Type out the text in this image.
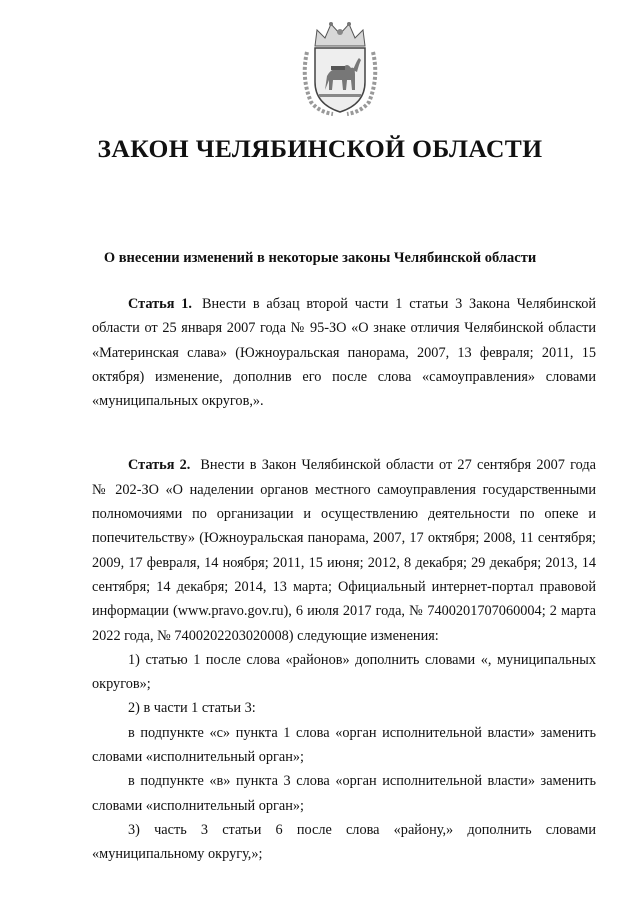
ЗАКОН ЧЕЛЯБИНСКОЙ ОБЛАСТИ
О внесении изменений в некоторые законы Челябинской области

Статья 1. Внести в абзац второй части 1 статьи 3 Закона Челябинской области от 25 января 2007 года № 95-ЗО «О знаке отличия Челябинской области «Материнская слава» (Южноуральская панорама, 2007, 13 февраля; 2011, 15 октября) изменение, дополнив его после слова «самоуправления» словами «муниципальных округов,».

Статья 2. Внести в Закон Челябинской области от 27 сентября 2007 года № 202-ЗО «О наделении органов местного самоуправления государственными полномочиями по организации и осуществлению деятельности по опеке и попечительству» (Южноуральская панорама, 2007, 17 октября; 2008, 11 сентября; 2009, 17 февраля, 14 ноября; 2011, 15 июня; 2012, 8 декабря; 29 декабря; 2013, 14 сентября; 14 декабря; 2014, 13 марта; Официальный интернет-портал правовой информации (www.pravo.gov.ru), 6 июля 2017 года, № 7400201707060004; 2 марта 2022 года, № 7400202203020008) следующие изменения:

1) статью 1 после слова «районов» дополнить словами «, муниципальных округов»;

2) в части 1 статьи 3:

в подпункте «c» пункта 1 слова «орган исполнительной власти» заменить словами «исполнительный орган»;

в подпункте «в» пункта 3 слова «орган исполнительной власти» заменить словами «исполнительный орган»;

3) часть 3 статьи 6 после слова «району,» дополнить словами «муниципальному округу,»;
